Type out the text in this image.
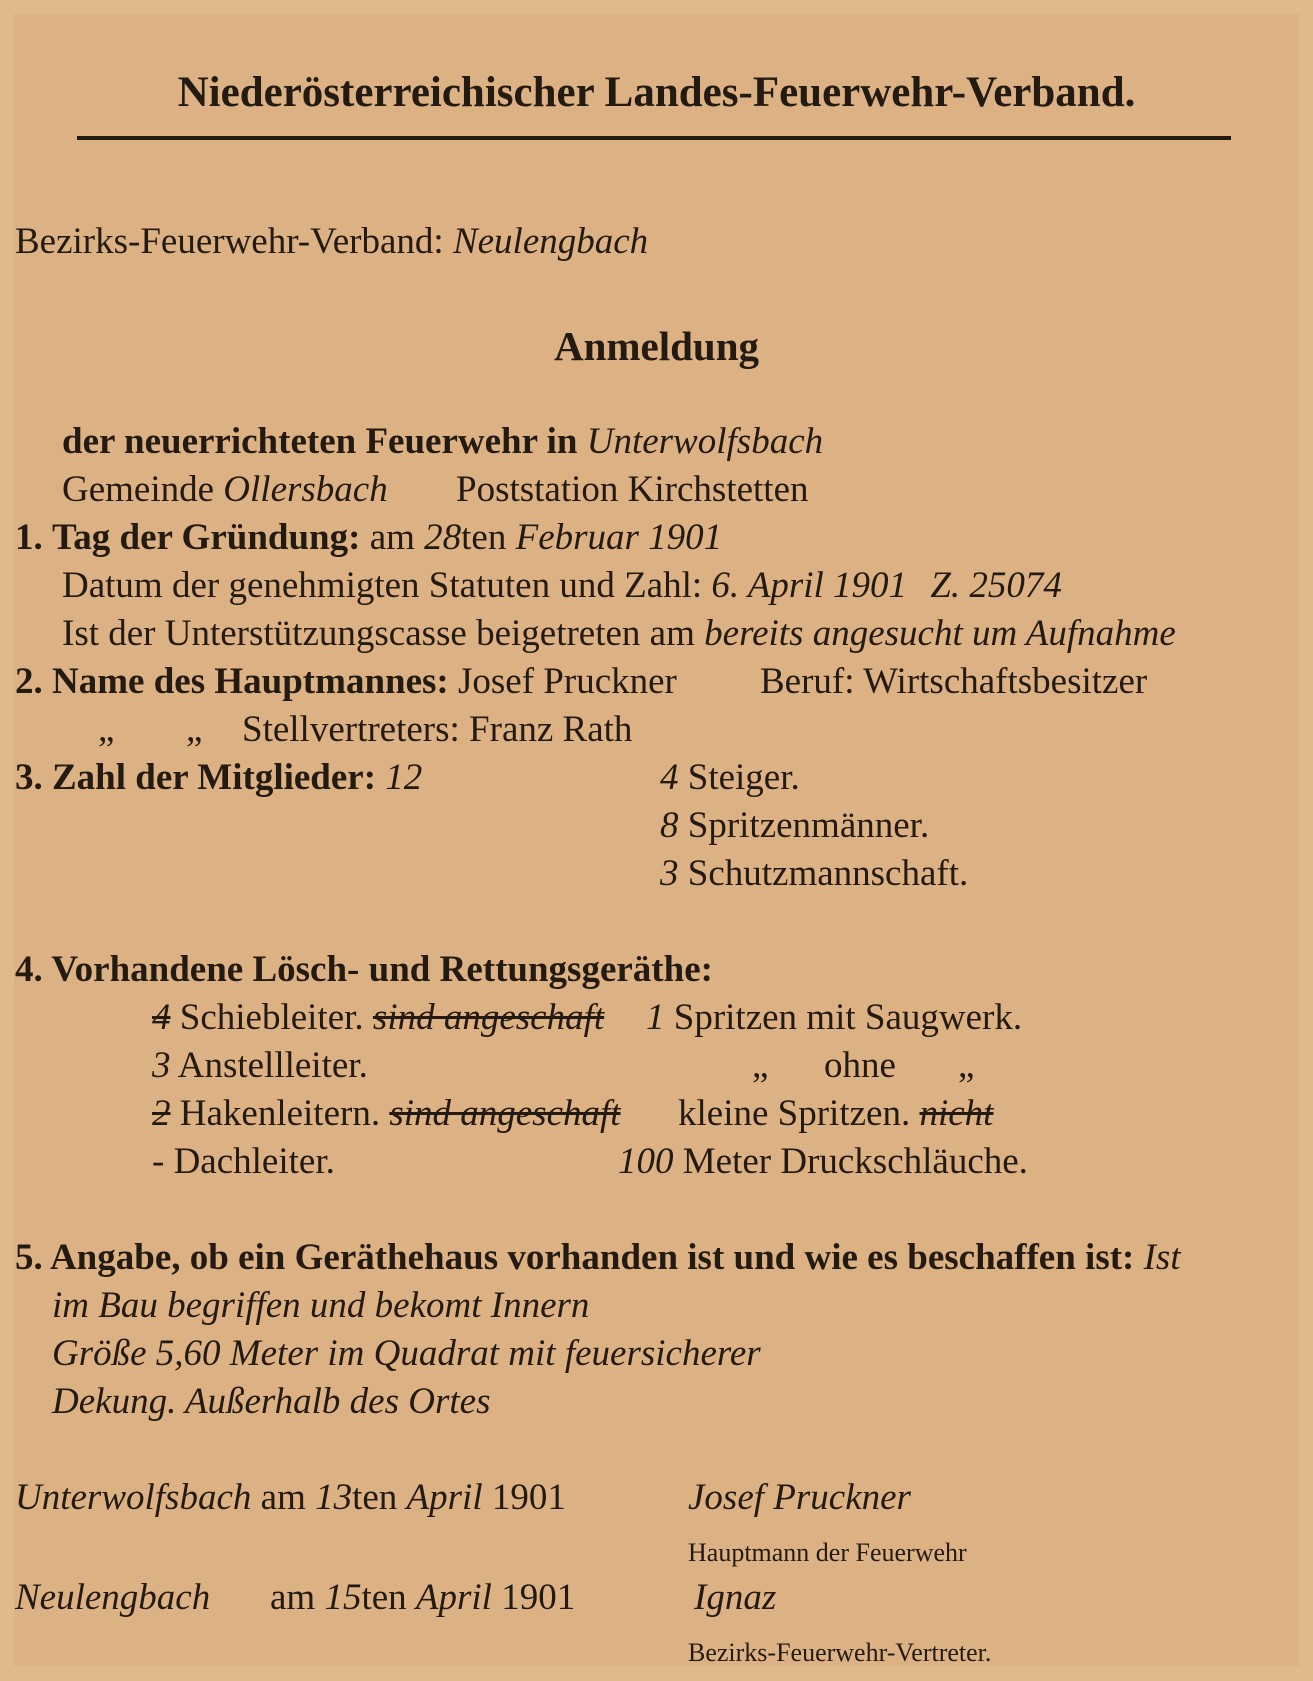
Niederösterreichischer Landes-Feuerwehr-Verband.
Bezirks-Feuerwehr-Verband: Neulengbach
Anmeldung
der neuerrichteten Feuerwehr in Unterwolfsbach
Gemeinde Ollersbach Poststation Kirchstetten
1. Tag der Gründung: am 28ten Februar 1901
Datum der genehmigten Statuten und Zahl: 6. April 1901 Z. 25074
Ist der Unterstützungscasse beigetreten am bereits angesucht um Aufnahme
2. Name des Hauptmannes: Josef Pruckner Beruf: Wirtschaftsbesitzer
„ „ Stellvertreters: Franz Rath
3. Zahl der Mitglieder: 12	4 Steiger.
8 Spritzenmänner.
3 Schutzmannschaft.
4. Vorhandene Lösch- und Rettungsgeräthe:
4 Schiebleiter. sind angeschaft 1 Spritzen mit Saugwerk.
3 Anstellleiter.	„ ohne „
2 Hakenleitern. sind angeschaft kleine Spritzen. nicht
- Dachleiter.	100 Meter Druckschläuche.
5. Angabe, ob ein Geräthehaus vorhanden ist und wie es beschaffen ist: Ist
im Bau begriffen und bekomt Innern
Größe 5,60 Meter im Quadrat mit feuersicherer
Dekung. Außerhalb des Ortes
Unterwolfsbach am 13ten April 1901	Josef Pruckner
Hauptmann der Feuerwehr
Neulengbach am 15ten April 1901	Ignaz
Bezirks-Feuerwehr-Vertreter.
